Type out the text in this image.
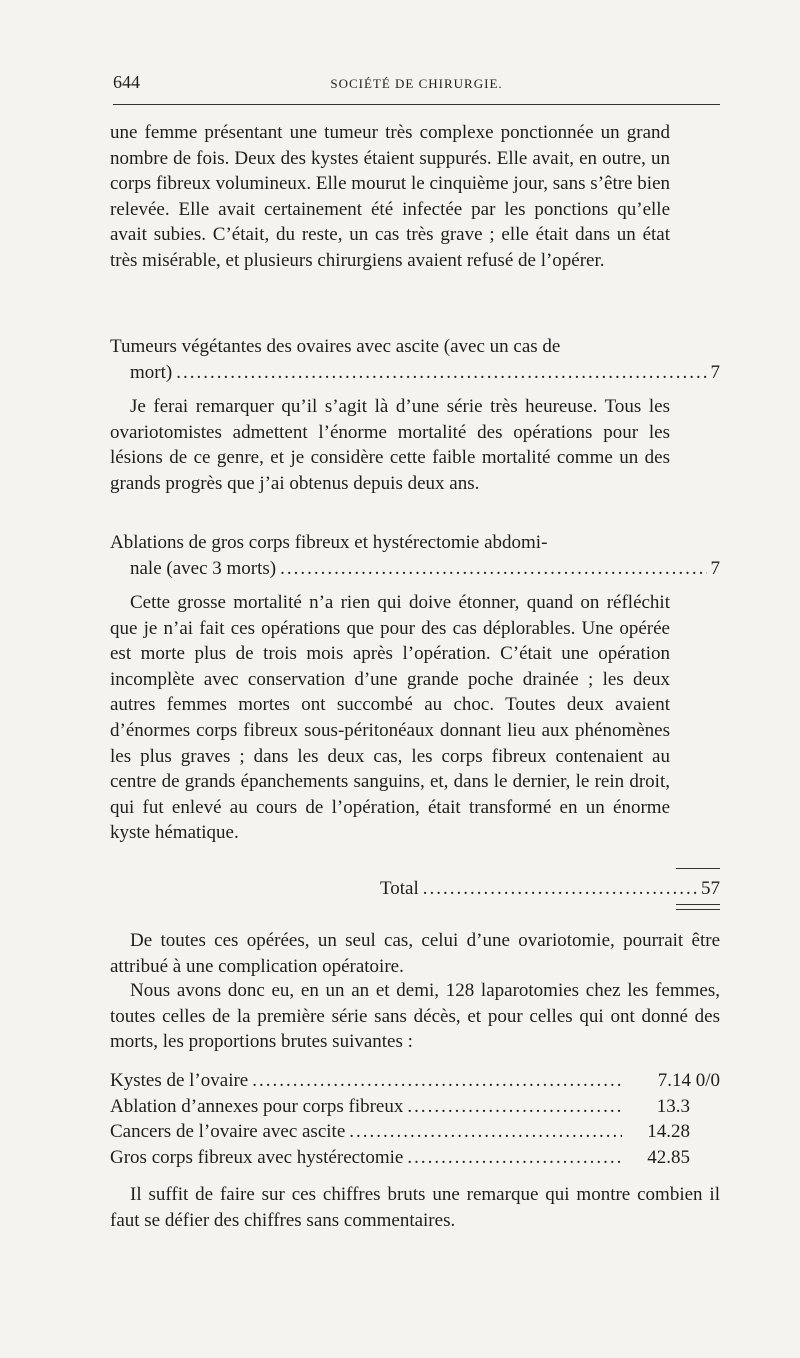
644	SOCIÉTÉ DE CHIRURGIE.

une femme présentant une tumeur très complexe ponctionnée un grand nombre de fois. Deux des kystes étaient suppurés. Elle avait, en outre, un corps fibreux volumineux. Elle mourut le cinquième jour, sans s’être bien relevée. Elle avait certainement été infectée par les ponctions qu’elle avait subies. C’était, du reste, un cas très grave ; elle était dans un état très misérable, et plusieurs chirurgiens avaient refusé de l’opérer.

Tumeurs végétantes des ovaires avec ascite (avec un cas de
mort) .....	7

Je ferai remarquer qu’il s’agit là d’une série très heureuse. Tous les ovariotomistes admettent l’énorme mortalité des opérations pour les lésions de ce genre, et je considère cette faible mortalité comme un des grands progrès que j’ai obtenus depuis deux ans.

Ablations de gros corps fibreux et hystérectomie abdomi-
nale (avec 3 morts) .....	7

Cette grosse mortalité n’a rien qui doive étonner, quand on réfléchit que je n’ai fait ces opérations que pour des cas déplorables. Une opérée est morte plus de trois mois après l’opération. C’était une opération incomplète avec conservation d’une grande poche drainée ; les deux autres femmes mortes ont succombé au choc. Toutes deux avaient d’énormes corps fibreux sous-péritonéaux donnant lieu aux phénomènes les plus graves ; dans les deux cas, les corps fibreux contenaient au centre de grands épanchements sanguins, et, dans le dernier, le rein droit, qui fut enlevé au cours de l’opération, était transformé en un énorme kyste hématique.

Total .....	57

De toutes ces opérées, un seul cas, celui d’une ovariotomie, pourrait être attribué à une complication opératoire.

Nous avons donc eu, en un an et demi, 128 laparotomies chez les femmes, toutes celles de la première série sans décès, et pour celles qui ont donné des morts, les proportions brutes suivantes :

Kystes de l’ovaire .....	7.14 0/0
Ablation d’annexes pour corps fibreux .....	13.3
Cancers de l’ovaire avec ascite .....	14.28
Gros corps fibreux avec hystérectomie .....	42.85

Il suffit de faire sur ces chiffres bruts une remarque qui montre combien il faut se défier des chiffres sans commentaires.
